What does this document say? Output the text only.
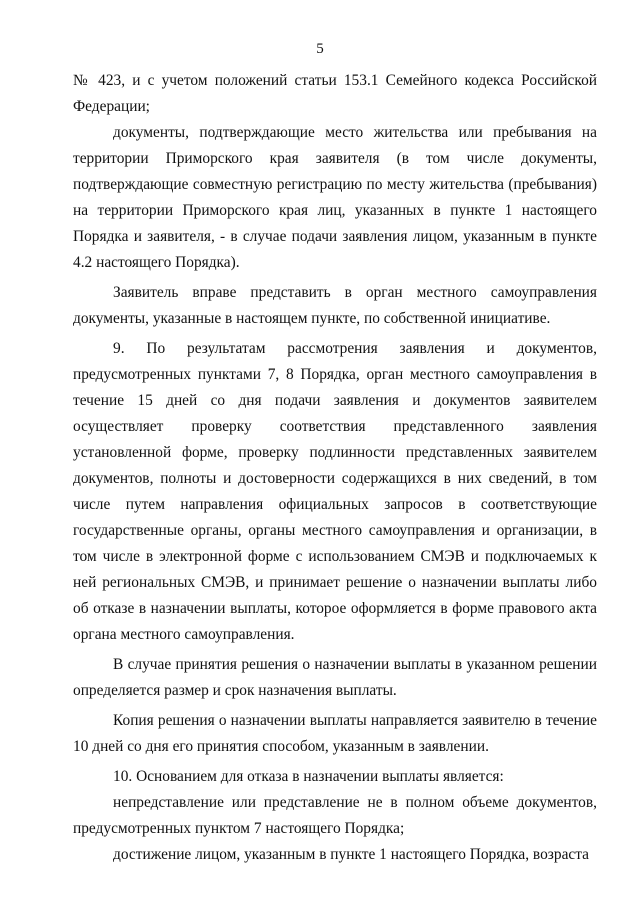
5

№ 423, и с учетом положений статьи 153.1 Семейного кодекса Российской Федерации;

документы, подтверждающие место жительства или пребывания на территории Приморского края заявителя (в том числе документы, подтверждающие совместную регистрацию по месту жительства (пребывания) на территории Приморского края лиц, указанных в пункте 1 настоящего Порядка и заявителя, - в случае подачи заявления лицом, указанным в пункте 4.2 настоящего Порядка).

Заявитель вправе представить в орган местного самоуправления документы, указанные в настоящем пункте, по собственной инициативе.

9. По результатам рассмотрения заявления и документов, предусмотренных пунктами 7, 8 Порядка, орган местного самоуправления в течение 15 дней со дня подачи заявления и документов заявителем осуществляет проверку соответствия представленного заявления установленной форме, проверку подлинности представленных заявителем документов, полноты и достоверности содержащихся в них сведений, в том числе путем направления официальных запросов в соответствующие государственные органы, органы местного самоуправления и организации, в том числе в электронной форме с использованием СМЭВ и подключаемых к ней региональных СМЭВ, и принимает решение о назначении выплаты либо об отказе в назначении выплаты, которое оформляется в форме правового акта органа местного самоуправления.

В случае принятия решения о назначении выплаты в указанном решении определяется размер и срок назначения выплаты.

Копия решения о назначении выплаты направляется заявителю в течение 10 дней со дня его принятия способом, указанным в заявлении.

10. Основанием для отказа в назначении выплаты является:

непредставление или представление не в полном объеме документов, предусмотренных пунктом 7 настоящего Порядка;

достижение лицом, указанным в пункте 1 настоящего Порядка, возраста
